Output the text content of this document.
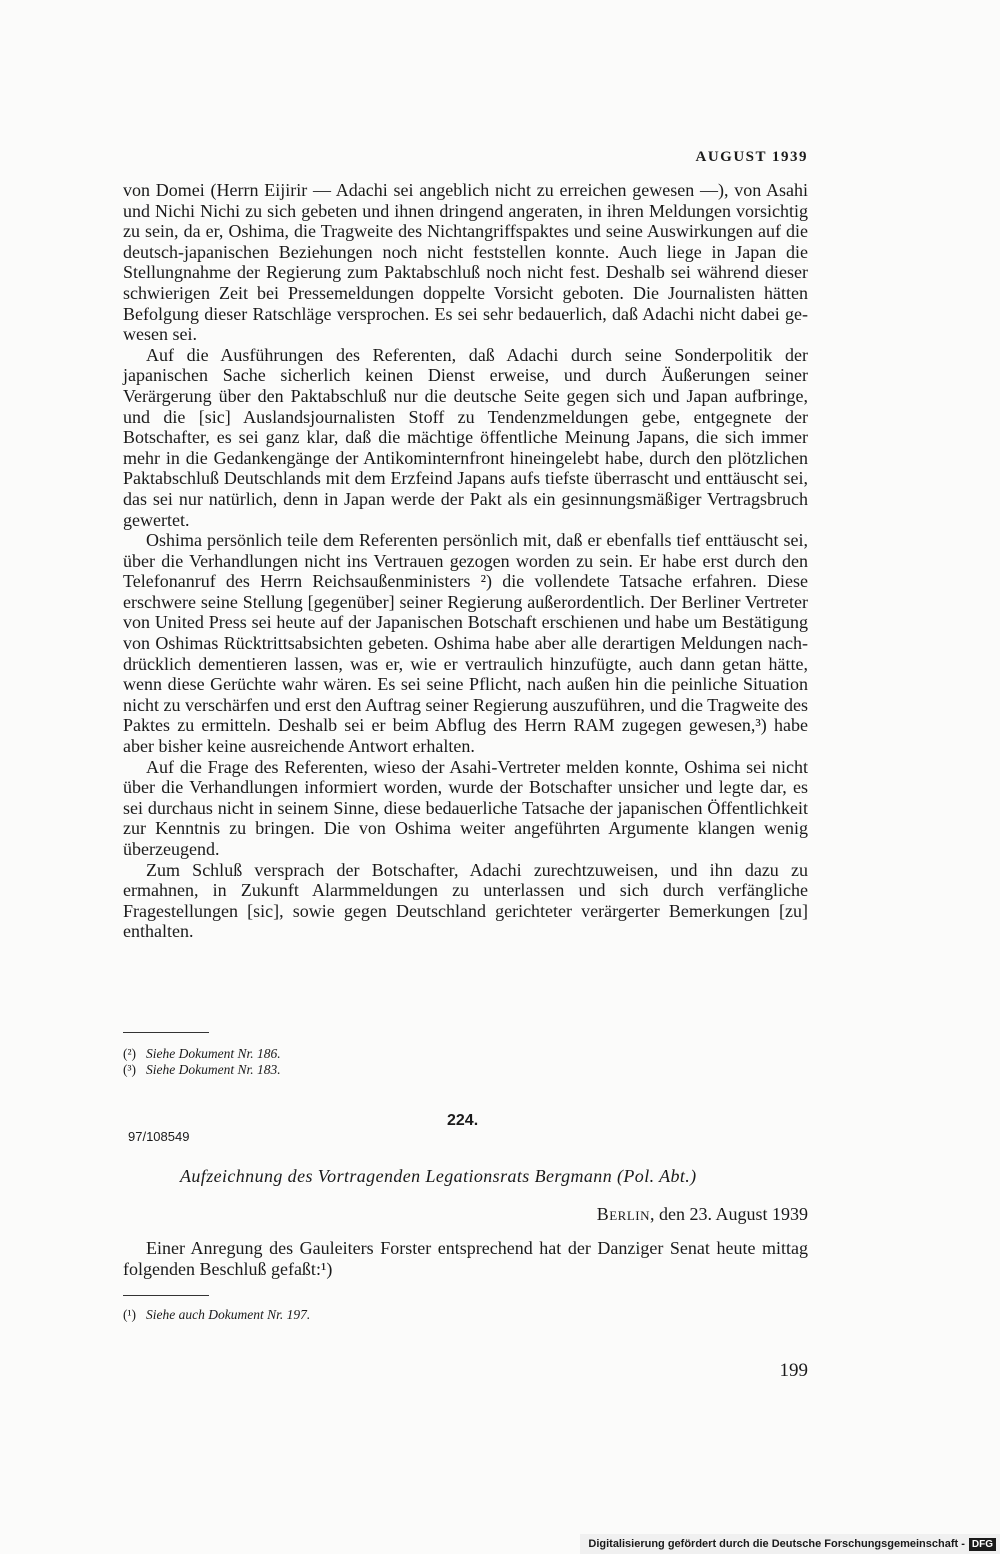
AUGUST 1939

von Domei (Herrn Eijirir — Adachi sei angeblich nicht zu erreichen gewesen —), von Asahi und Nichi Nichi zu sich gebeten und ihnen dringend angeraten, in ihren Meldungen vorsichtig zu sein, da er, Oshima, die Tragweite des Nichtangriffspaktes und seine Auswirkungen auf die deutsch-japanischen Beziehungen noch nicht feststellen konnte. Auch liege in Japan die Stellungnahme der Regierung zum Paktabschluß noch nicht fest. Deshalb sei während dieser schwierigen Zeit bei Pressemeldungen doppelte Vorsicht geboten. Die Journalisten hätten Befolgung dieser Ratschläge versprochen. Es sei sehr bedauerlich, daß Adachi nicht dabei gewesen sei.

Auf die Ausführungen des Referenten, daß Adachi durch seine Sonderpolitik der japanischen Sache sicherlich keinen Dienst erweise, und durch Äußerungen seiner Verärgerung über den Paktabschluß nur die deutsche Seite gegen sich und Japan aufbringe, und die [sic] Auslandsjournalisten Stoff zu Tendenzmeldungen gebe, entgegnete der Botschafter, es sei ganz klar, daß die mächtige öffentliche Meinung Japans, die sich immer mehr in die Gedankengänge der Antikominternfront hineingelebt habe, durch den plötzlichen Paktabschluß Deutschlands mit dem Erzfeind Japans aufs tiefste überrascht und enttäuscht sei, das sei nur natürlich, denn in Japan werde der Pakt als ein gesinnungsmäßiger Vertragsbruch gewertet.

Oshima persönlich teile dem Referenten persönlich mit, daß er ebenfalls tief enttäuscht sei, über die Verhandlungen nicht ins Vertrauen gezogen worden zu sein. Er habe erst durch den Telefonanruf des Herrn Reichsaußenministers ²) die vollendete Tatsache erfahren. Diese erschwere seine Stellung [gegenüber] seiner Regierung außerordentlich. Der Berliner Vertreter von United Press sei heute auf der Japanischen Botschaft erschienen und habe um Bestätigung von Oshimas Rücktrittsabsichten gebeten. Oshima habe aber alle derartigen Meldungen nachdrücklich dementieren lassen, was er, wie er vertraulich hinzufügte, auch dann getan hätte, wenn diese Gerüchte wahr wären. Es sei seine Pflicht, nach außen hin die peinliche Situation nicht zu verschärfen und erst den Auftrag seiner Regierung auszuführen, und die Tragweite des Paktes zu ermitteln. Deshalb sei er beim Abflug des Herrn RAM zugegen gewesen,³) habe aber bisher keine ausreichende Antwort erhalten.

Auf die Frage des Referenten, wieso der Asahi-Vertreter melden konnte, Oshima sei nicht über die Verhandlungen informiert worden, wurde der Botschafter unsicher und legte dar, es sei durchaus nicht in seinem Sinne, diese bedauerliche Tatsache der japanischen Öffentlichkeit zur Kenntnis zu bringen. Die von Oshima weiter angeführten Argumente klangen wenig überzeugend.

Zum Schluß versprach der Botschafter, Adachi zurechtzuweisen, und ihn dazu zu ermahnen, in Zukunft Alarmmeldungen zu unterlassen und sich durch verfängliche Fragestellungen [sic], sowie gegen Deutschland gerichteter verärgerter Bemerkungen [zu] enthalten.

(²) Siehe Dokument Nr. 186.
(³) Siehe Dokument Nr. 183.
224.
97/108549
Aufzeichnung des Vortragenden Legationsrats Bergmann (Pol. Abt.)
Berlin, den 23. August 1939
Einer Anregung des Gauleiters Forster entsprechend hat der Danziger Senat heute mittag folgenden Beschluß gefaßt:¹)
(¹) Siehe auch Dokument Nr. 197.
199
Digitalisierung gefördert durch die Deutsche Forschungsgemeinschaft - DFG
